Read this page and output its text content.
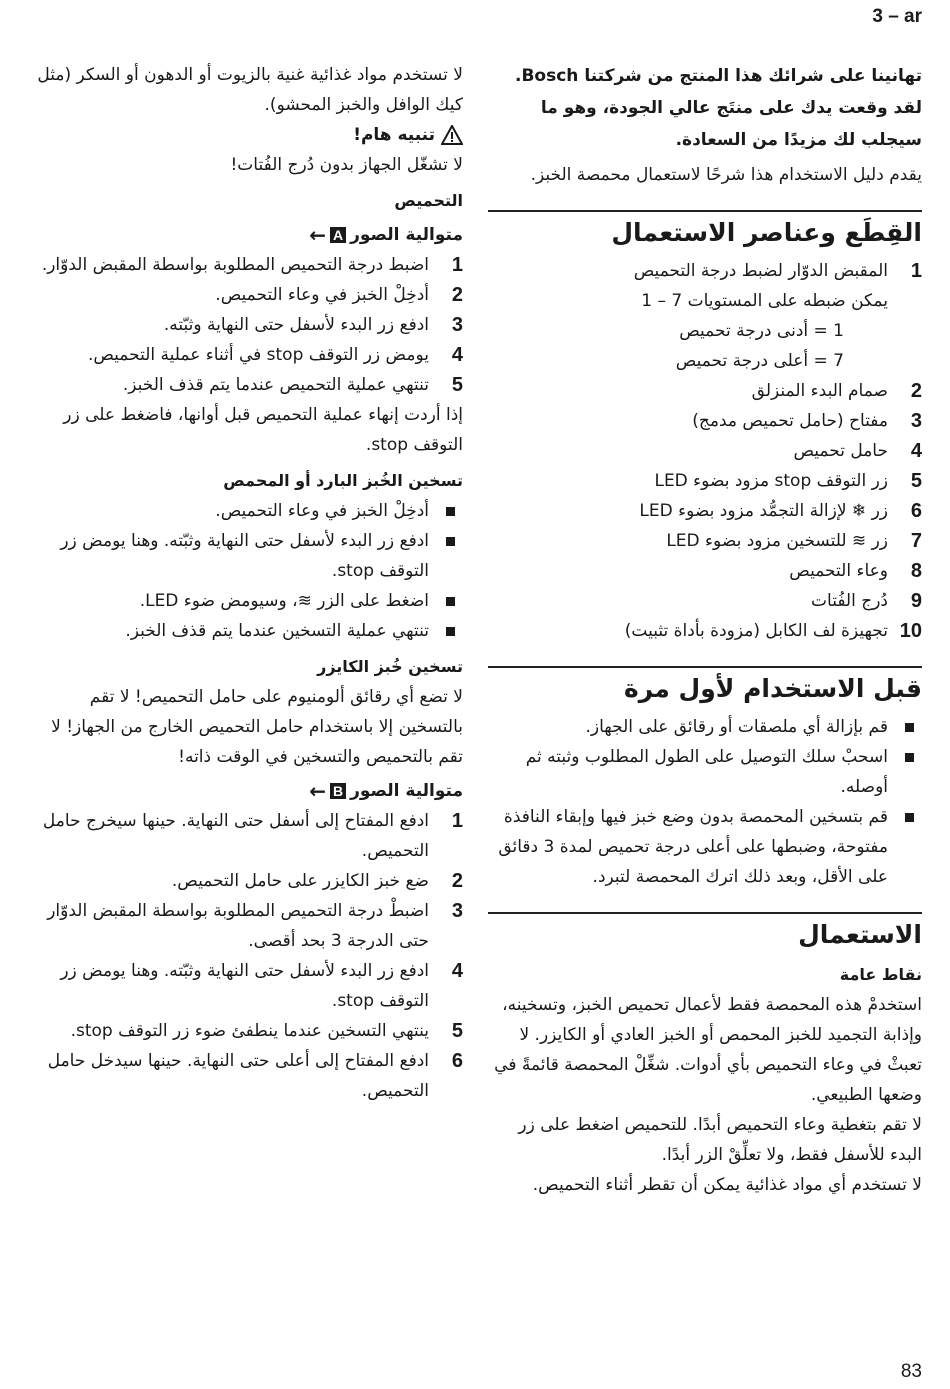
3 – ar

تهانينا على شرائك هذا المنتج من شركتنا Bosch. لقد وقعت يدك على منتَج عالي الجودة، وهو ما سيجلب لك مزيدًا من السعادة.

يقدم دليل الاستخدام هذا شرحًا لاستعمال محمصة الخبز.

القِطَع وعناصر الاستعمال
1
المقبض الدوّار لضبط درجة التحميص
يمكن ضبطه على المستويات 7 – 1
1 = أدنى درجة تحميص
7 = أعلى درجة تحميص
2
صمام البدء المنزلق
3
مفتاح (حامل تحميص مدمج)
4
حامل تحميص
5
زر التوقف stop مزود بضوء LED
6
زر ❄ لإزالة التجمُّد مزود بضوء LED
7
زر ≋ للتسخين مزود بضوء LED
8
وعاء التحميص
9
دُرج الفُتات
10
تجهيزة لف الكابل (مزودة بأداة تثبيت)
قبل الاستخدام لأول مرة
قم بإزالة أي ملصقات أو رقائق على الجهاز.
اسحبْ سلك التوصيل على الطول المطلوب وثبته ثم أوصله.
قم بتسخين المحمصة بدون وضع خبز فيها وإبقاء النافذة مفتوحة، وضبطها على أعلى درجة تحميص لمدة 3 دقائق على الأقل، وبعد ذلك اترك المحمصة لتبرد.
الاستعمال
نقاط عامة

استخدمْ هذه المحمصة فقط لأعمال تحميص الخبز، وتسخينه، وإذابة التجميد للخبز المحمص أو الخبز العادي أو الكايزر. لا تعبثْ في وعاء التحميص بأي أدوات. شغِّلْ المحمصة قائمةً في وضعها الطبيعي.

لا تقم بتغطية وعاء التحميص أبدًا. للتحميص اضغط على زر البدء للأسفل فقط، ولا تعلِّقْ الزر أبدًا.

لا تستخدم أي مواد غذائية يمكن أن تقطر أثناء التحميص.

لا تستخدم مواد غذائية غنية بالزيوت أو الدهون أو السكر (مثل كيك الوافل والخبز المحشو).

تنبيه هام!

لا تشغّل الجهاز بدون دُرج الفُتات!

التحميص
متوالية الصور
A
←
1
اضبط درجة التحميص المطلوبة بواسطة المقبض الدوّار.
2
أدخِلْ الخبز في وعاء التحميص.
3
ادفع زر البدء لأسفل حتى النهاية وثبّته.
4
يومض زر التوقف stop في أثناء عملية التحميص.
5
تنتهي عملية التحميص عندما يتم قذف الخبز.

إذا أردت إنهاء عملية التحميص قبل أوانها، فاضغط على زر التوقف stop.

تسخين الخُبز البارد أو المحمص
أدخِلْ الخبز في وعاء التحميص.
ادفع زر البدء لأسفل حتى النهاية وثبّته. وهنا يومض زر التوقف stop.
اضغط على الزر ≋، وسيومض ضوء LED.
تنتهي عملية التسخين عندما يتم قذف الخبز.
تسخين خُبز الكايزر

لا تضع أي رقائق ألومنيوم على حامل التحميص! لا تقم بالتسخين إلا باستخدام حامل التحميص الخارج من الجهاز! لا تقم بالتحميص والتسخين في الوقت ذاته!

متوالية الصور
B
←
1
ادفع المفتاح إلى أسفل حتى النهاية. حينها سيخرج حامل التحميص.
2
ضع خبز الكايزر على حامل التحميص.
3
اضبطْ درجة التحميص المطلوبة بواسطة المقبض الدوّار حتى الدرجة 3 بحد أقصى.
4
ادفع زر البدء لأسفل حتى النهاية وثبّته. وهنا يومض زر التوقف stop.
5
ينتهي التسخين عندما ينطفئ ضوء زر التوقف stop.
6
ادفع المفتاح إلى أعلى حتى النهاية. حينها سيدخل حامل التحميص.
83
